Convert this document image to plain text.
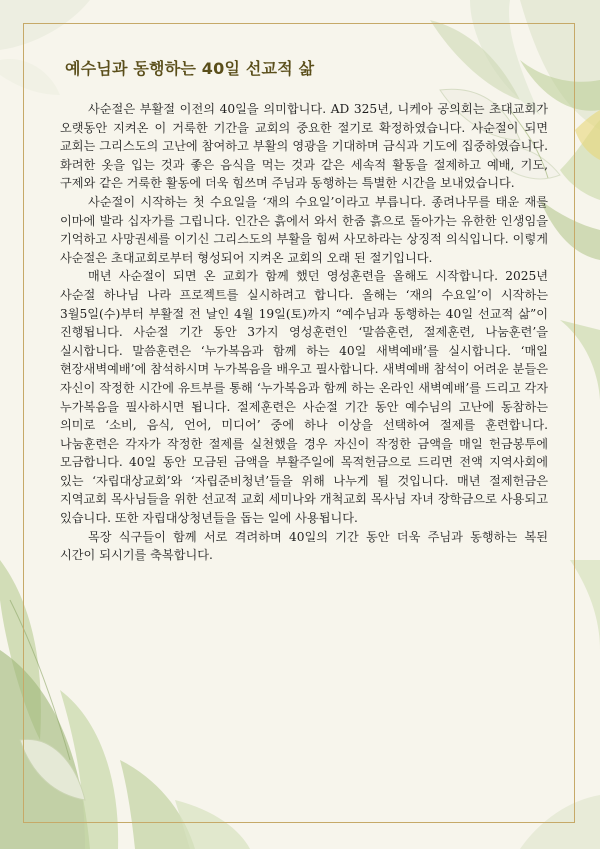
예수님과 동행하는 40일 선교적 삶

사순절은 부활절 이전의 40일을 의미합니다. AD 325년, 니케아 공의회는 초대교회가 오랫동안 지켜온 이 거룩한 기간을 교회의 중요한 절기로 확정하였습니다. 사순절이 되면 교회는 그리스도의 고난에 참여하고 부활의 영광을 기대하며 금식과 기도에 집중하였습니다. 화려한 옷을 입는 것과 좋은 음식을 먹는 것과 같은 세속적 활동을 절제하고 예배, 기도, 구제와 같은 거룩한 활동에 더욱 힘쓰며 주님과 동행하는 특별한 시간을 보내었습니다.

사순절이 시작하는 첫 수요일을 ‘재의 수요일’이라고 부릅니다. 종려나무를 태운 재를 이마에 발라 십자가를 그립니다. 인간은 흙에서 와서 한줌 흙으로 돌아가는 유한한 인생임을 기억하고 사망권세를 이기신 그리스도의 부활을 힘써 사모하라는 상징적 의식입니다. 이렇게 사순절은 초대교회로부터 형성되어 지켜온 교회의 오래 된 절기입니다.

매년 사순절이 되면 온 교회가 함께 했던 영성훈련을 올해도 시작합니다. 2025년 사순절 하나님 나라 프로젝트를 실시하려고 합니다. 올해는 ‘재의 수요일’이 시작하는 3월5일(수)부터 부활절 전 날인 4월 19일(토)까지 “예수님과 동행하는 40일 선교적 삶”이 진행됩니다. 사순절 기간 동안 3가지 영성훈련인 ‘말씀훈련, 절제훈련, 나눔훈련’을 실시합니다. 말씀훈련은 ‘누가복음과 함께 하는 40일 새벽예배’를 실시합니다. ‘매일 현장새벽예배’에 참석하시며 누가복음을 배우고 필사합니다. 새벽예배 참석이 어려운 분들은 자신이 작정한 시간에 유트부를 통해 ‘누가복음과 함께 하는 온라인 새벽예배’를 드리고 각자 누가복음을 필사하시면 됩니다. 절제훈련은 사순절 기간 동안 예수님의 고난에 동참하는 의미로 ‘소비, 음식, 언어, 미디어’ 중에 하나 이상을 선택하여 절제를 훈련합니다. 나눔훈련은 각자가 작정한 절제를 실천했을 경우 자신이 작정한 금액을 매일 헌금봉투에 모금합니다. 40일 동안 모금된 금액을 부활주일에 목적헌금으로 드리면 전액 지역사회에 있는 ‘자립대상교회’와 ‘자립준비청년’들을 위해 나누게 될 것입니다. 매년 절제헌금은 지역교회 목사님들을 위한 선교적 교회 세미나와 개척교회 목사님 자녀 장학금으로 사용되고 있습니다. 또한 자립대상청년들을 돕는 일에 사용됩니다.

목장 식구들이 함께 서로 격려하며 40일의 기간 동안 더욱 주님과 동행하는 복된 시간이 되시기를 축복합니다.
